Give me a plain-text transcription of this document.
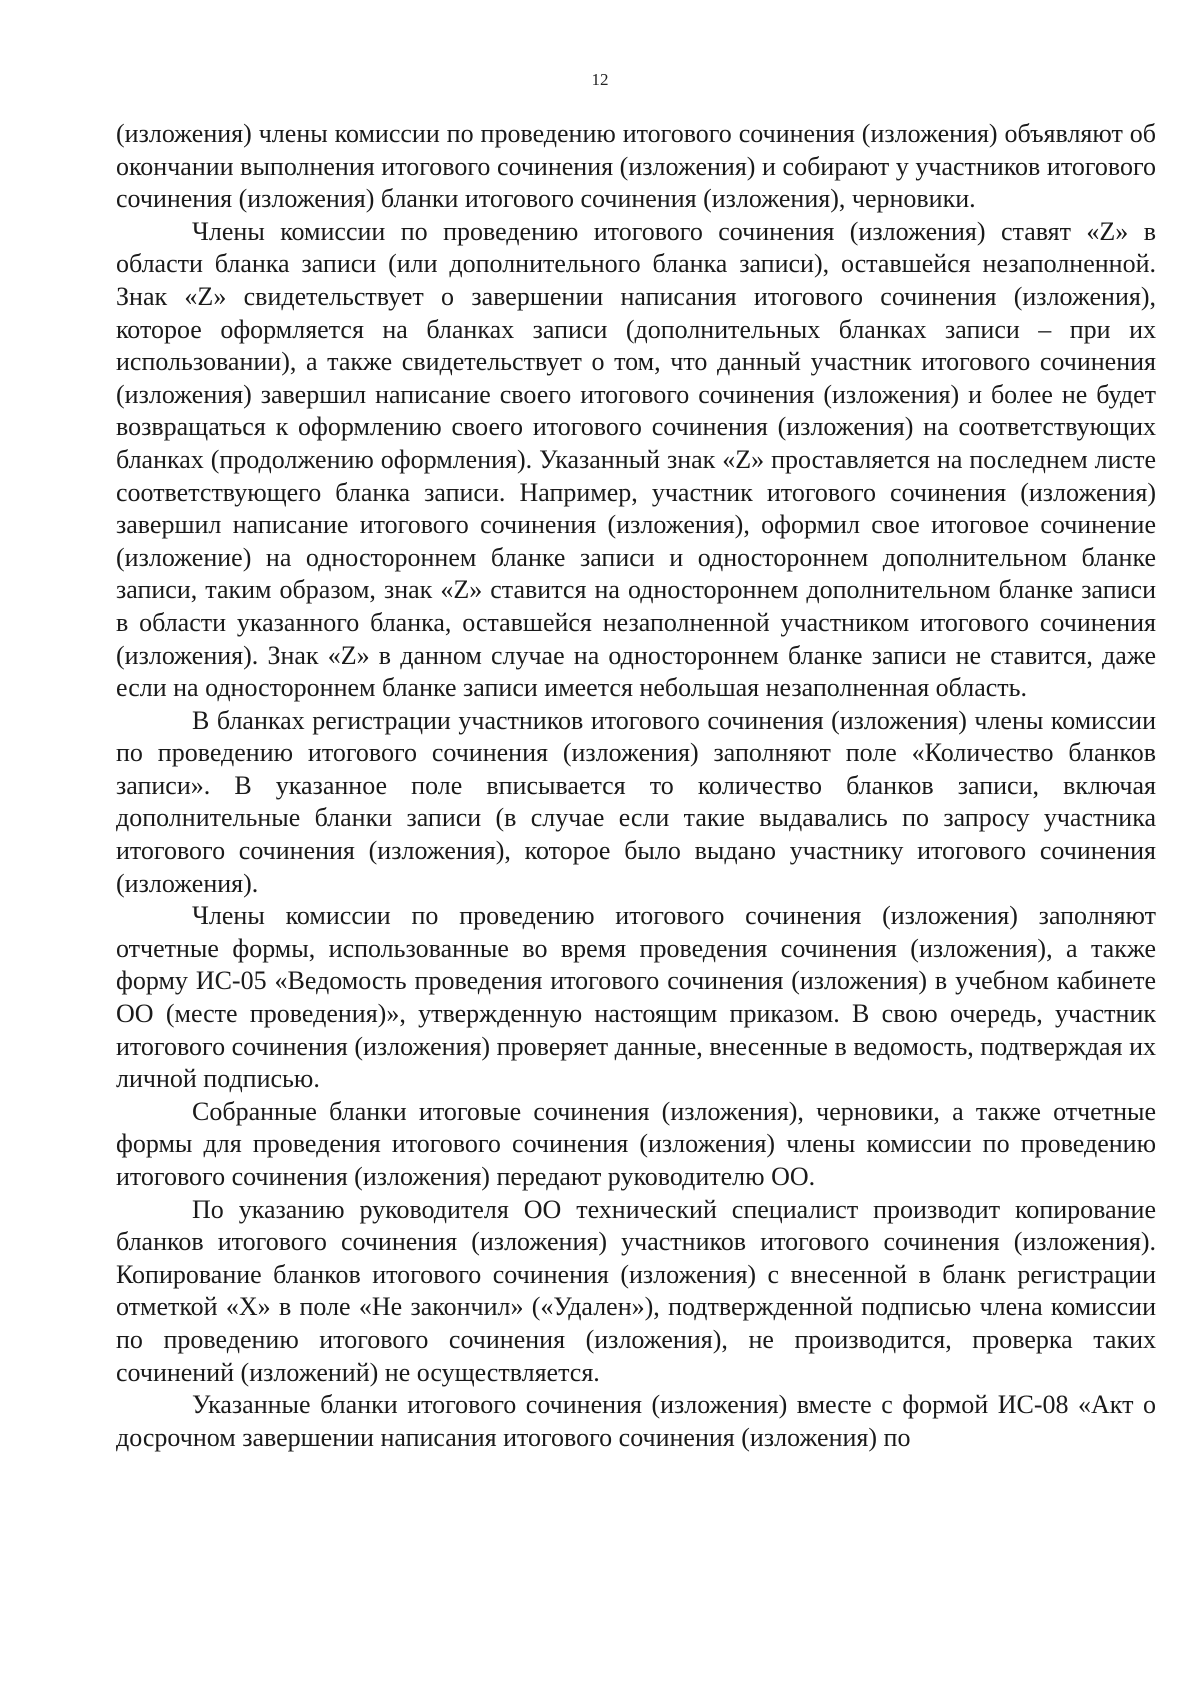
12

(изложения) члены комиссии по проведению итогового сочинения (изложения) объявляют об окончании выполнения итогового сочинения (изложения) и собирают у участников итогового сочинения (изложения) бланки итогового сочинения (изложения), черновики.

Члены комиссии по проведению итогового сочинения (изложения) ставят «Z» в области бланка записи (или дополнительного бланка записи), оставшейся незаполненной. Знак «Z» свидетельствует о завершении написания итогового сочинения (изложения), которое оформляется на бланках записи (дополнительных бланках записи – при их использовании), а также свидетельствует о том, что данный участник итогового сочинения (изложения) завершил написание своего итогового сочинения (изложения) и более не будет возвращаться к оформлению своего итогового сочинения (изложения) на соответствующих бланках (продолжению оформления). Указанный знак «Z» проставляется на последнем листе соответствующего бланка записи. Например, участник итогового сочинения (изложения) завершил написание итогового сочинения (изложения), оформил свое итоговое сочинение (изложение) на одностороннем бланке записи и одностороннем дополнительном бланке записи, таким образом, знак «Z» ставится на одностороннем дополнительном бланке записи в области указанного бланка, оставшейся незаполненной участником итогового сочинения (изложения). Знак «Z» в данном случае на одностороннем бланке записи не ставится, даже если на одностороннем бланке записи имеется небольшая незаполненная область.

В бланках регистрации участников итогового сочинения (изложения) члены комиссии по проведению итогового сочинения (изложения) заполняют поле «Количество бланков записи». В указанное поле вписывается то количество бланков записи, включая дополнительные бланки записи (в случае если такие выдавались по запросу участника итогового сочинения (изложения), которое было выдано участнику итогового сочинения (изложения).

Члены комиссии по проведению итогового сочинения (изложения) заполняют отчетные формы, использованные во время проведения сочинения (изложения), а также форму ИС-05 «Ведомость проведения итогового сочинения (изложения) в учебном кабинете ОО (месте проведения)», утвержденную настоящим приказом. В свою очередь, участник итогового сочинения (изложения) проверяет данные, внесенные в ведомость, подтверждая их личной подписью.

Собранные бланки итоговые сочинения (изложения), черновики, а также отчетные формы для проведения итогового сочинения (изложения) члены комиссии по проведению итогового сочинения (изложения) передают руководителю ОО.

По указанию руководителя ОО технический специалист производит копирование бланков итогового сочинения (изложения) участников итогового сочинения (изложения). Копирование бланков итогового сочинения (изложения) с внесенной в бланк регистрации отметкой «X» в поле «Не закончил» («Удален»), подтвержденной подписью члена комиссии по проведению итогового сочинения (изложения), не производится, проверка таких сочинений (изложений) не осуществляется.

Указанные бланки итогового сочинения (изложения) вместе с формой ИС-08 «Акт о досрочном завершении написания итогового сочинения (изложения) по
